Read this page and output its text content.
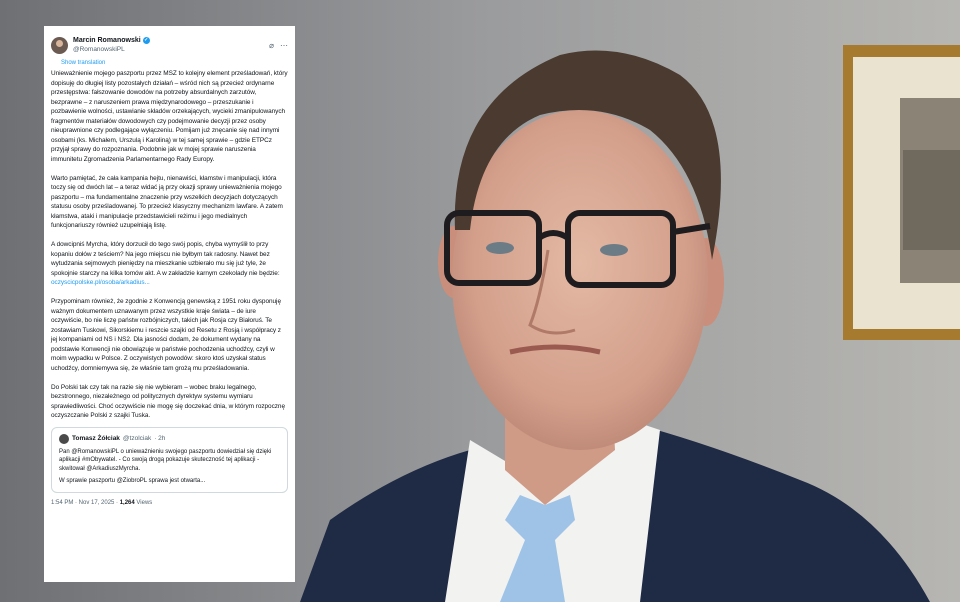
Marcin Romanowski ✓
@RomanowskiPL	⌀ ⋯
Show translation

Unieważnienie mojego paszportu przez MSZ to kolejny element prześladowań, który dopisuję do długiej listy pozostałych działań – wśród nich są przecież ordynarne przestępstwa: fałszowanie dowodów na potrzeby absurdalnych zarzutów, bezprawne – z naruszeniem prawa międzynarodowego – przeszukanie i pozbawienie wolności, ustawianie składów orzekających, wycieki zmanipulowanych fragmentów materiałów dowodowych czy podejmowanie decyzji przez osoby nieuprawnione czy podlegające wyłączeniu. Pomijam już znęcanie się nad innymi osobami (ks. Michałem, Urszulą i Karoliną) w tej samej sprawie – gdzie ETPCz przyjął sprawy do rozpoznania. Podobnie jak w mojej sprawie naruszenia immunitetu Zgromadzenia Parlamentarnego Rady Europy.

Warto pamiętać, że cała kampania hejtu, nienawiści, kłamstw i manipulacji, która toczy się od dwóch lat – a teraz widać ją przy okazji sprawy unieważnienia mojego paszportu – ma fundamentalne znaczenie przy wszelkich decyzjach dotyczących statusu osoby prześladowanej. To przecież klasyczny mechanizm lawfare. A zatem kłamstwa, ataki i manipulacje przedstawicieli reżimu i jego medialnych funkcjonariuszy również uzupełniają listę.

A dowcipniś Myrcha, który dorzucił do tego swój popis, chyba wymyślił to przy kopaniu dołów z teściem? Na jego miejscu nie byłbym tak radosny. Nawet bez wytudzania sejmowych pieniędzy na mieszkanie uzbierało mu się już tyle, że spokojnie starczy na kilka tomów akt. A w zakładzie karnym czekolady nie będzie:

oczyscicpolske.pl/osoba/arkadius...

Przypominam również, że zgodnie z Konwencją genewską z 1951 roku dysponuję ważnym dokumentem uznawanym przez wszystkie kraje świata – de iure oczywiście, bo nie liczę państw rozbójniczych, takich jak Rosja czy Białoruś. Te zostawiam Tuskowi, Sikorskiemu i reszcie szajki od Resetu z Rosją i współpracy z jej kompaniami od NS i NS2. Dla jasności dodam, że dokument wydany na podstawie Konwencji nie obowiązuje w państwie pochodzenia uchodźcy, czyli w moim wypadku w Polsce. Z oczywistych powodów: skoro ktoś uzyskał status uchodźcy, domniemywa się, że właśnie tam grożą mu prześladowania.

Do Polski tak czy tak na razie się nie wybieram – wobec braku legalnego, bezstronnego, niezależnego od politycznych dyrektyw systemu wymiaru sprawiedliwości. Choć oczywiście nie mogę się doczekać dnia, w którym rozpocznę oczyszczanie Polski z szajki Tuska.

Tomasz Żółciak @tzolciak · 2h
Pan @RomanowskiPL o unieważnieniu swojego paszportu dowiedział się dzięki aplikacji #mObywatel. - Co swoją drogą pokazuje skuteczność tej aplikacji - skwitował @ArkadiuszMyrcha.
W sprawie paszportu @ZiobroPL sprawa jest otwarta...
1:54 PM · Nov 17, 2025 · 1,264 Views
